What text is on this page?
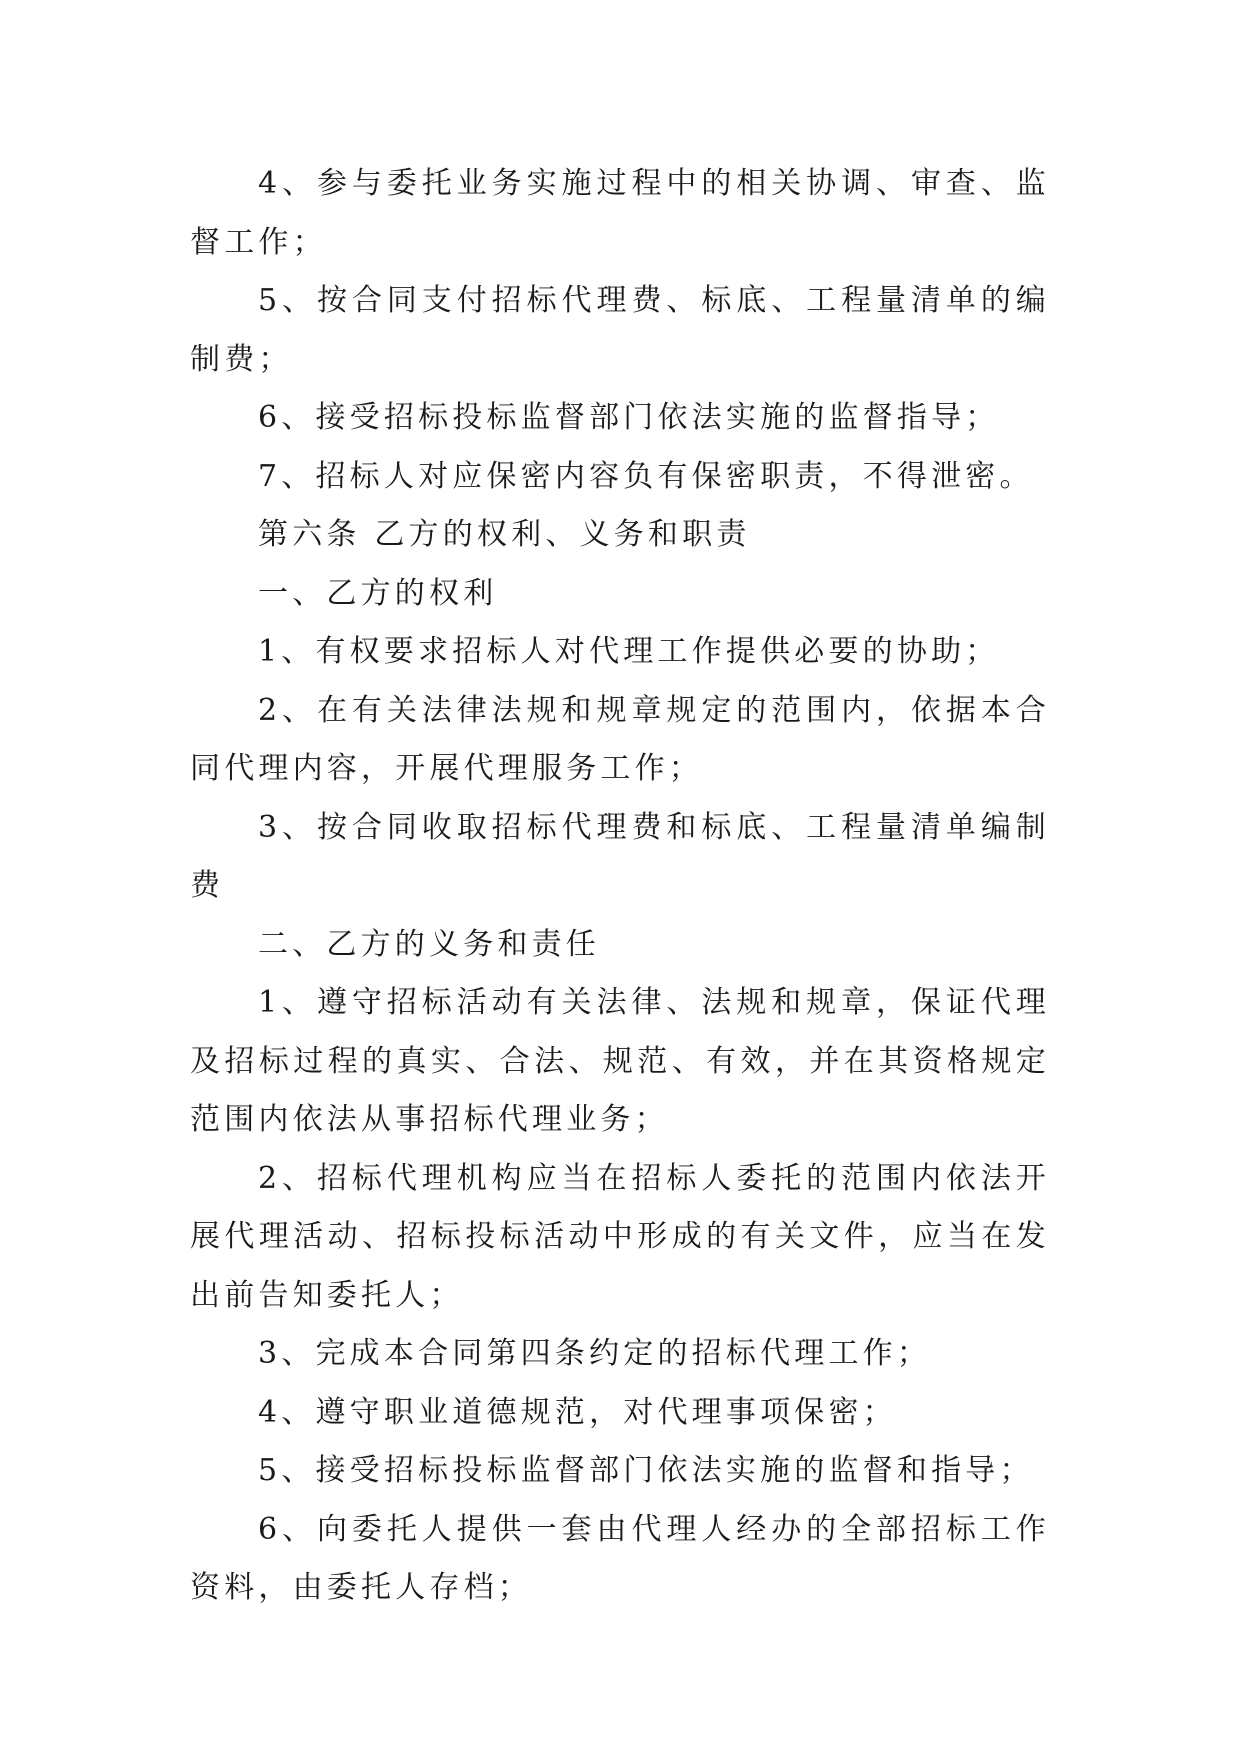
4、参与委托业务实施过程中的相关协调、审查、监督工作；

5、按合同支付招标代理费、标底、工程量清单的编制费；

6、接受招标投标监督部门依法实施的监督指导；

7、招标人对应保密内容负有保密职责，不得泄密。

第六条 乙方的权利、义务和职责

一、乙方的权利

1、有权要求招标人对代理工作提供必要的协助；

2、在有关法律法规和规章规定的范围内，依据本合同代理内容，开展代理服务工作；

3、按合同收取招标代理费和标底、工程量清单编制费

二、乙方的义务和责任

1、遵守招标活动有关法律、法规和规章，保证代理及招标过程的真实、合法、规范、有效，并在其资格规定范围内依法从事招标代理业务；

2、招标代理机构应当在招标人委托的范围内依法开展代理活动、招标投标活动中形成的有关文件，应当在发出前告知委托人；

3、完成本合同第四条约定的招标代理工作；

4、遵守职业道德规范，对代理事项保密；

5、接受招标投标监督部门依法实施的监督和指导；

6、向委托人提供一套由代理人经办的全部招标工作资料，由委托人存档；
